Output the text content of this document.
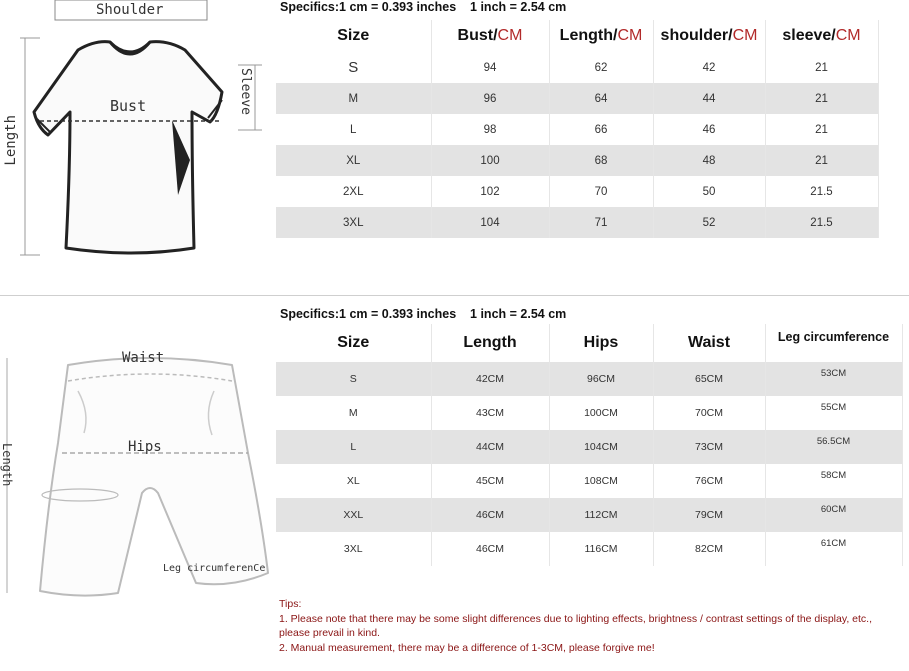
Shoulder
Bust	Sleeve
Length
Specifics:1 cm = 0.393 inches    1 inch = 2.54 cm
Size	Bust/CM	Length/CM	shoulder/CM	sleeve/CM
S	94	62	42	21
M	96	64	44	21
L	98	66	46	21
XL	100	68	48	21
2XL	102	70	50	21.5
3XL	104	71	52	21.5
Waist
Hips
Length
Leg circumferenCe
Specifics:1 cm = 0.393 inches    1 inch = 2.54 cm
Size	Length	Hips	Waist	Leg circumference
S	42CM	96CM	65CM	53CM
M	43CM	100CM	70CM	55CM
L	44CM	104CM	73CM	56.5CM
XL	45CM	108CM	76CM	58CM
XXL	46CM	112CM	79CM	60CM
3XL	46CM	116CM	82CM	61CM
Tips:
1. Please note that there may be some slight differences due to lighting effects, brightness / contrast settings of the display, etc., please prevail in kind.
2. Manual measurement, there may be a difference of 1-3CM, please forgive me!
